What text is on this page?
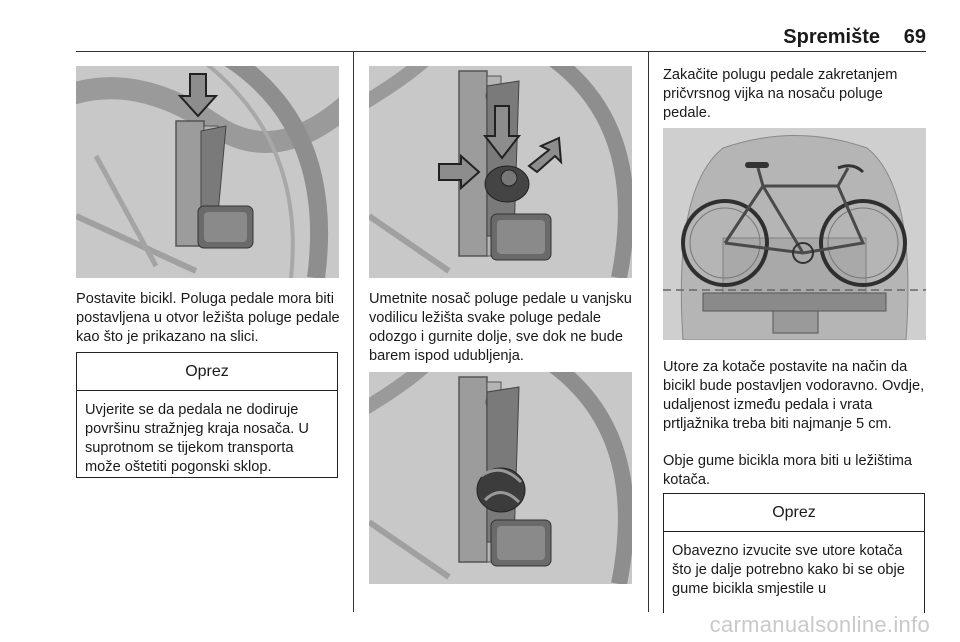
Spremište	69

Postavite bicikl. Poluga pedale mora biti postavljena u otvor ležišta poluge pedale kao što je prikazano na slici.

Oprez
Uvjerite se da pedala ne dodiruje površinu stražnjeg kraja nosača. U suprotnom se tijekom transporta može oštetiti pogonski sklop.

Umetnite nosač poluge pedale u vanjsku vodilicu ležišta svake poluge pedale odozgo i gurnite dolje, sve dok ne bude barem ispod udubljenja.

Zakačite polugu pedale zakretanjem pričvrsnog vijka na nosaču poluge pedale.

Utore za kotače postavite na način da bicikl bude postavljen vodoravno. Ovdje, udaljenost između pedala i vrata prtljažnika treba biti najmanje 5 cm.

Obje gume bicikla mora biti u ležištima kotača.

Oprez
Obavezno izvucite sve utore kotača što je dalje potrebno kako bi se obje gume bicikla smjestile u
carmanualsonline.info
